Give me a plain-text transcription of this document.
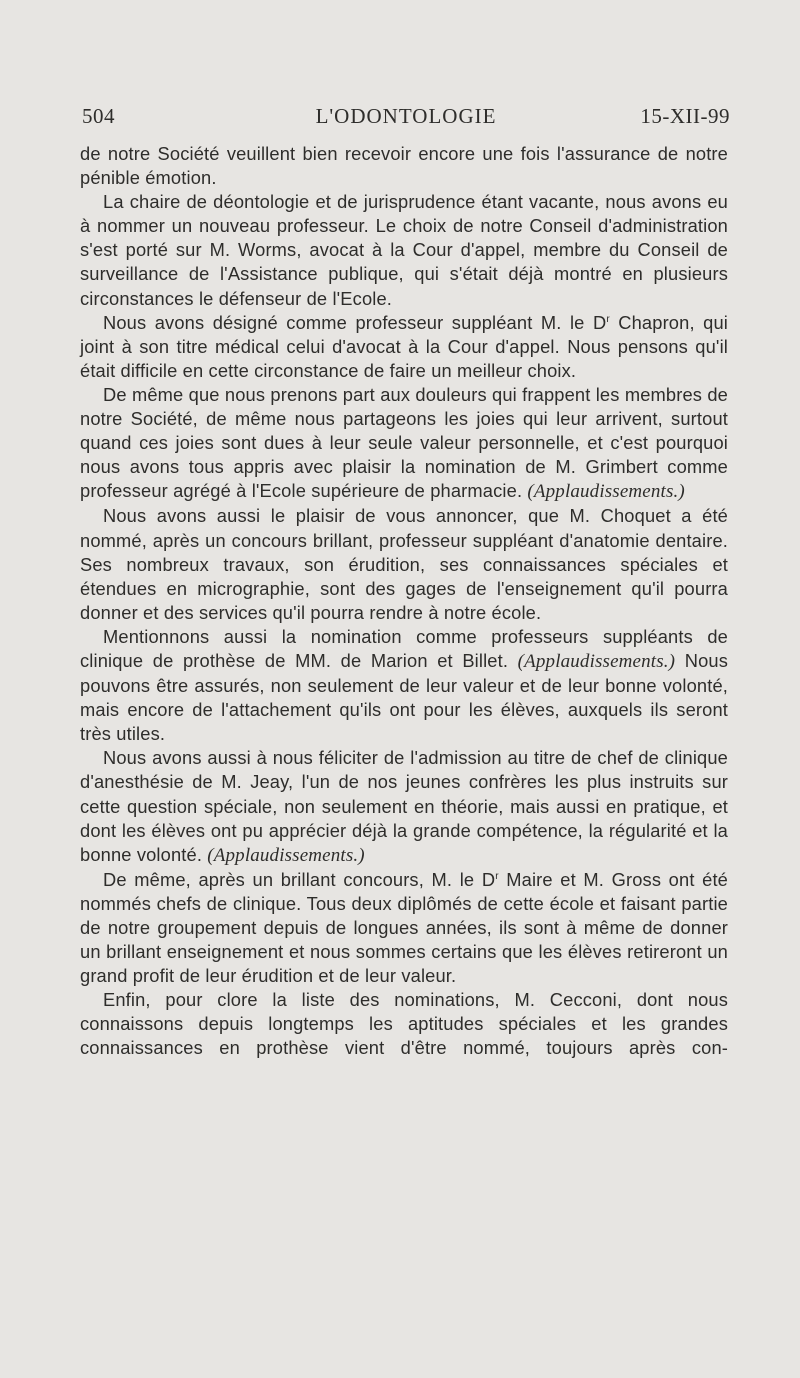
504	L'ODONTOLOGIE	15-XII-99

de notre Société veuillent bien recevoir encore une fois l'assurance de notre pénible émotion.

La chaire de déontologie et de jurisprudence étant vacante, nous avons eu à nommer un nouveau professeur. Le choix de notre Conseil d'administration s'est porté sur M. Worms, avocat à la Cour d'appel, membre du Conseil de surveillance de l'Assistance publique, qui s'était déjà montré en plusieurs circonstances le défenseur de l'Ecole.

Nous avons désigné comme professeur suppléant M. le $D^r$ Chapron, qui joint à son titre médical celui d'avocat à la Cour d'appel. Nous pensons qu'il était difficile en cette circonstance de faire un meilleur choix.

De même que nous prenons part aux douleurs qui frappent les membres de notre Société, de même nous partageons les joies qui leur arrivent, surtout quand ces joies sont dues à leur seule valeur personnelle, et c'est pourquoi nous avons tous appris avec plaisir la nomination de M. Grimbert comme professeur agrégé à l'Ecole supérieure de pharmacie. (Applaudissements.)

Nous avons aussi le plaisir de vous annoncer, que M. Choquet a été nommé, après un concours brillant, professeur suppléant d'anatomie dentaire. Ses nombreux travaux, son érudition, ses connaissances spéciales et étendues en micrographie, sont des gages de l'enseignement qu'il pourra donner et des services qu'il pourra rendre à notre école.

Mentionnons aussi la nomination comme professeurs suppléants de clinique de prothèse de MM. de Marion et Billet. (Applaudissements.) Nous pouvons être assurés, non seulement de leur valeur et de leur bonne volonté, mais encore de l'attachement qu'ils ont pour les élèves, auxquels ils seront très utiles.

Nous avons aussi à nous féliciter de l'admission au titre de chef de clinique d'anesthésie de M. Jeay, l'un de nos jeunes confrères les plus instruits sur cette question spéciale, non seulement en théorie, mais aussi en pratique, et dont les élèves ont pu apprécier déjà la grande compétence, la régularité et la bonne volonté. (Applaudissements.)

De même, après un brillant concours, M. le $D^r$ Maire et M. Gross ont été nommés chefs de clinique. Tous deux diplômés de cette école et faisant partie de notre groupement depuis de longues années, ils sont à même de donner un brillant enseignement et nous sommes certains que les élèves retireront un grand profit de leur érudition et de leur valeur.

Enfin, pour clore la liste des nominations, M. Cecconi, dont nous connaissons depuis longtemps les aptitudes spéciales et les grandes connaissances en prothèse vient d'être nommé, toujours après con-
